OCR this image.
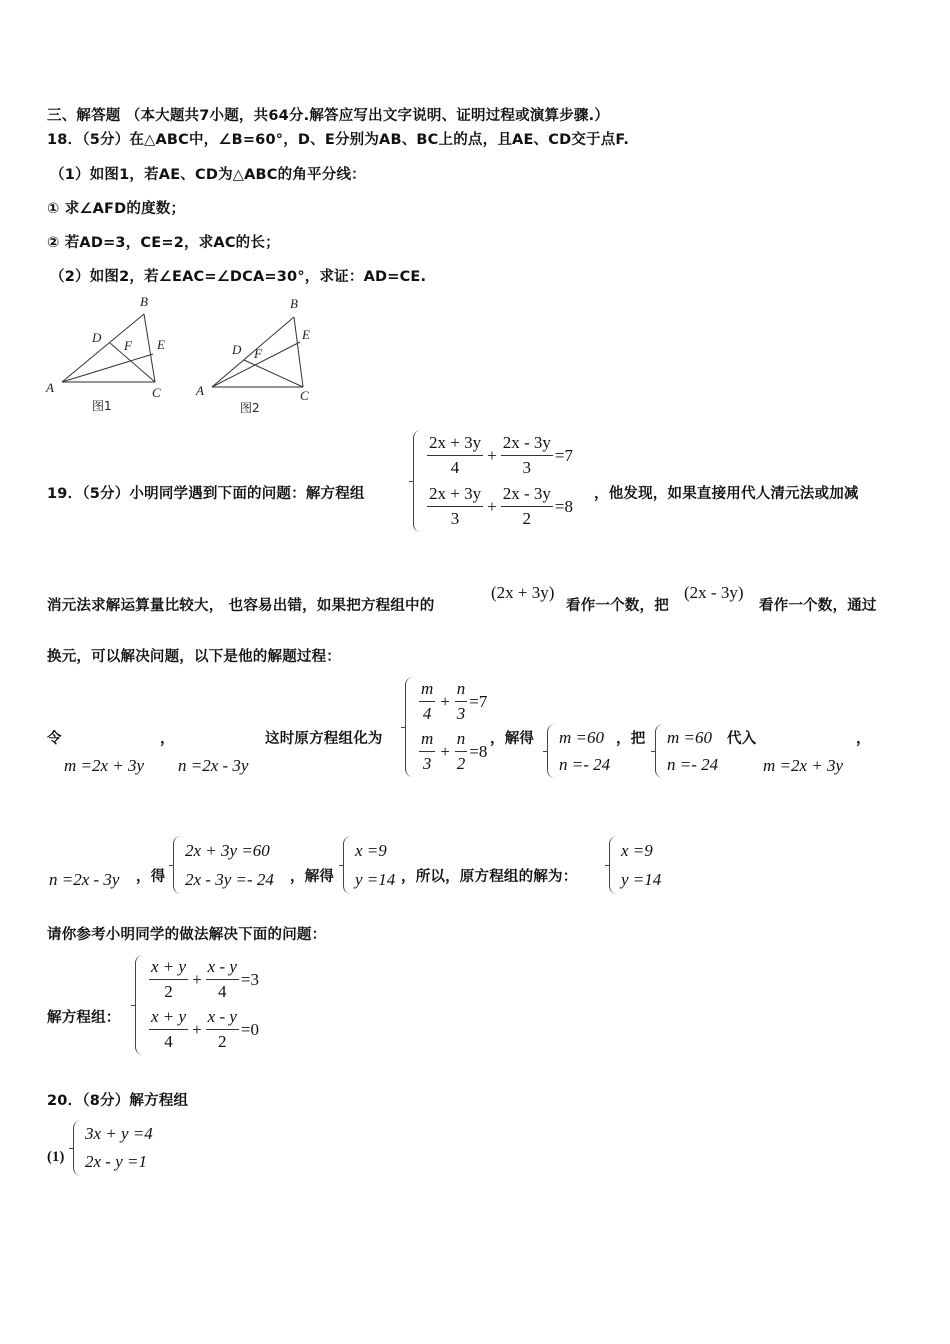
三、解答题 （本大题共7小题，共64分.解答应写出文字说明、证明过程或演算步骤.）
18．（5分）在△ABC中，∠B=60°，D、E分别为AB、BC上的点，且AE、CD交于点F.
（1）如图1，若AE、CD为△ABC的角平分线：
① 求∠AFD的度数；
② 若AD=3，CE=2，求AC的长；
（2）如图2，若∠EAC=∠DCA=30°，求证：AD=CE.
A
B
C
D	E
F
图1
A
B
C
D
E
F
图2
19．（5分）小明同学遇到下面的问题：解方程组
$\frac{2x + 3y}{4} + \frac{2x - 3y}{3} =7$
$\frac{2x + 3y}{3} + \frac{2x - 3y}{2} =8$
，他发现，如果直接用代人清元法或加减
消元法求解运算量比较大， 也容易出错，如果把方程组中的
(2x + 3y)
看作一个数，把
(2x - 3y)
看作一个数，通过
换元，可以解决问题，以下是他的解题过程：
令	，
m =2x + 3y n =2x - 3y
这时原方程组化为
$\frac{m}{4} + \frac{n}{3} =7$
$\frac{m}{3} + \frac{n}{2} =8$
，解得 m =60
n =- 24
，把 m =60
n =- 24
代入
m =2x + 3y
，
n =2x - 3y ，得
2x + 3y =60
2x - 3y =- 24 ，解得
x =9
y =14 ，所以，原方程组的解为：
x =9
y =14
请你参考小明同学的做法解决下面的问题：
解方程组：
$\frac{x + y}{2} + \frac{x - y}{4} =3$
$\frac{x + y}{4} + \frac{x - y}{2} =0$
20．（8分）解方程组
(1)
3x + y =4
2x - y =1
